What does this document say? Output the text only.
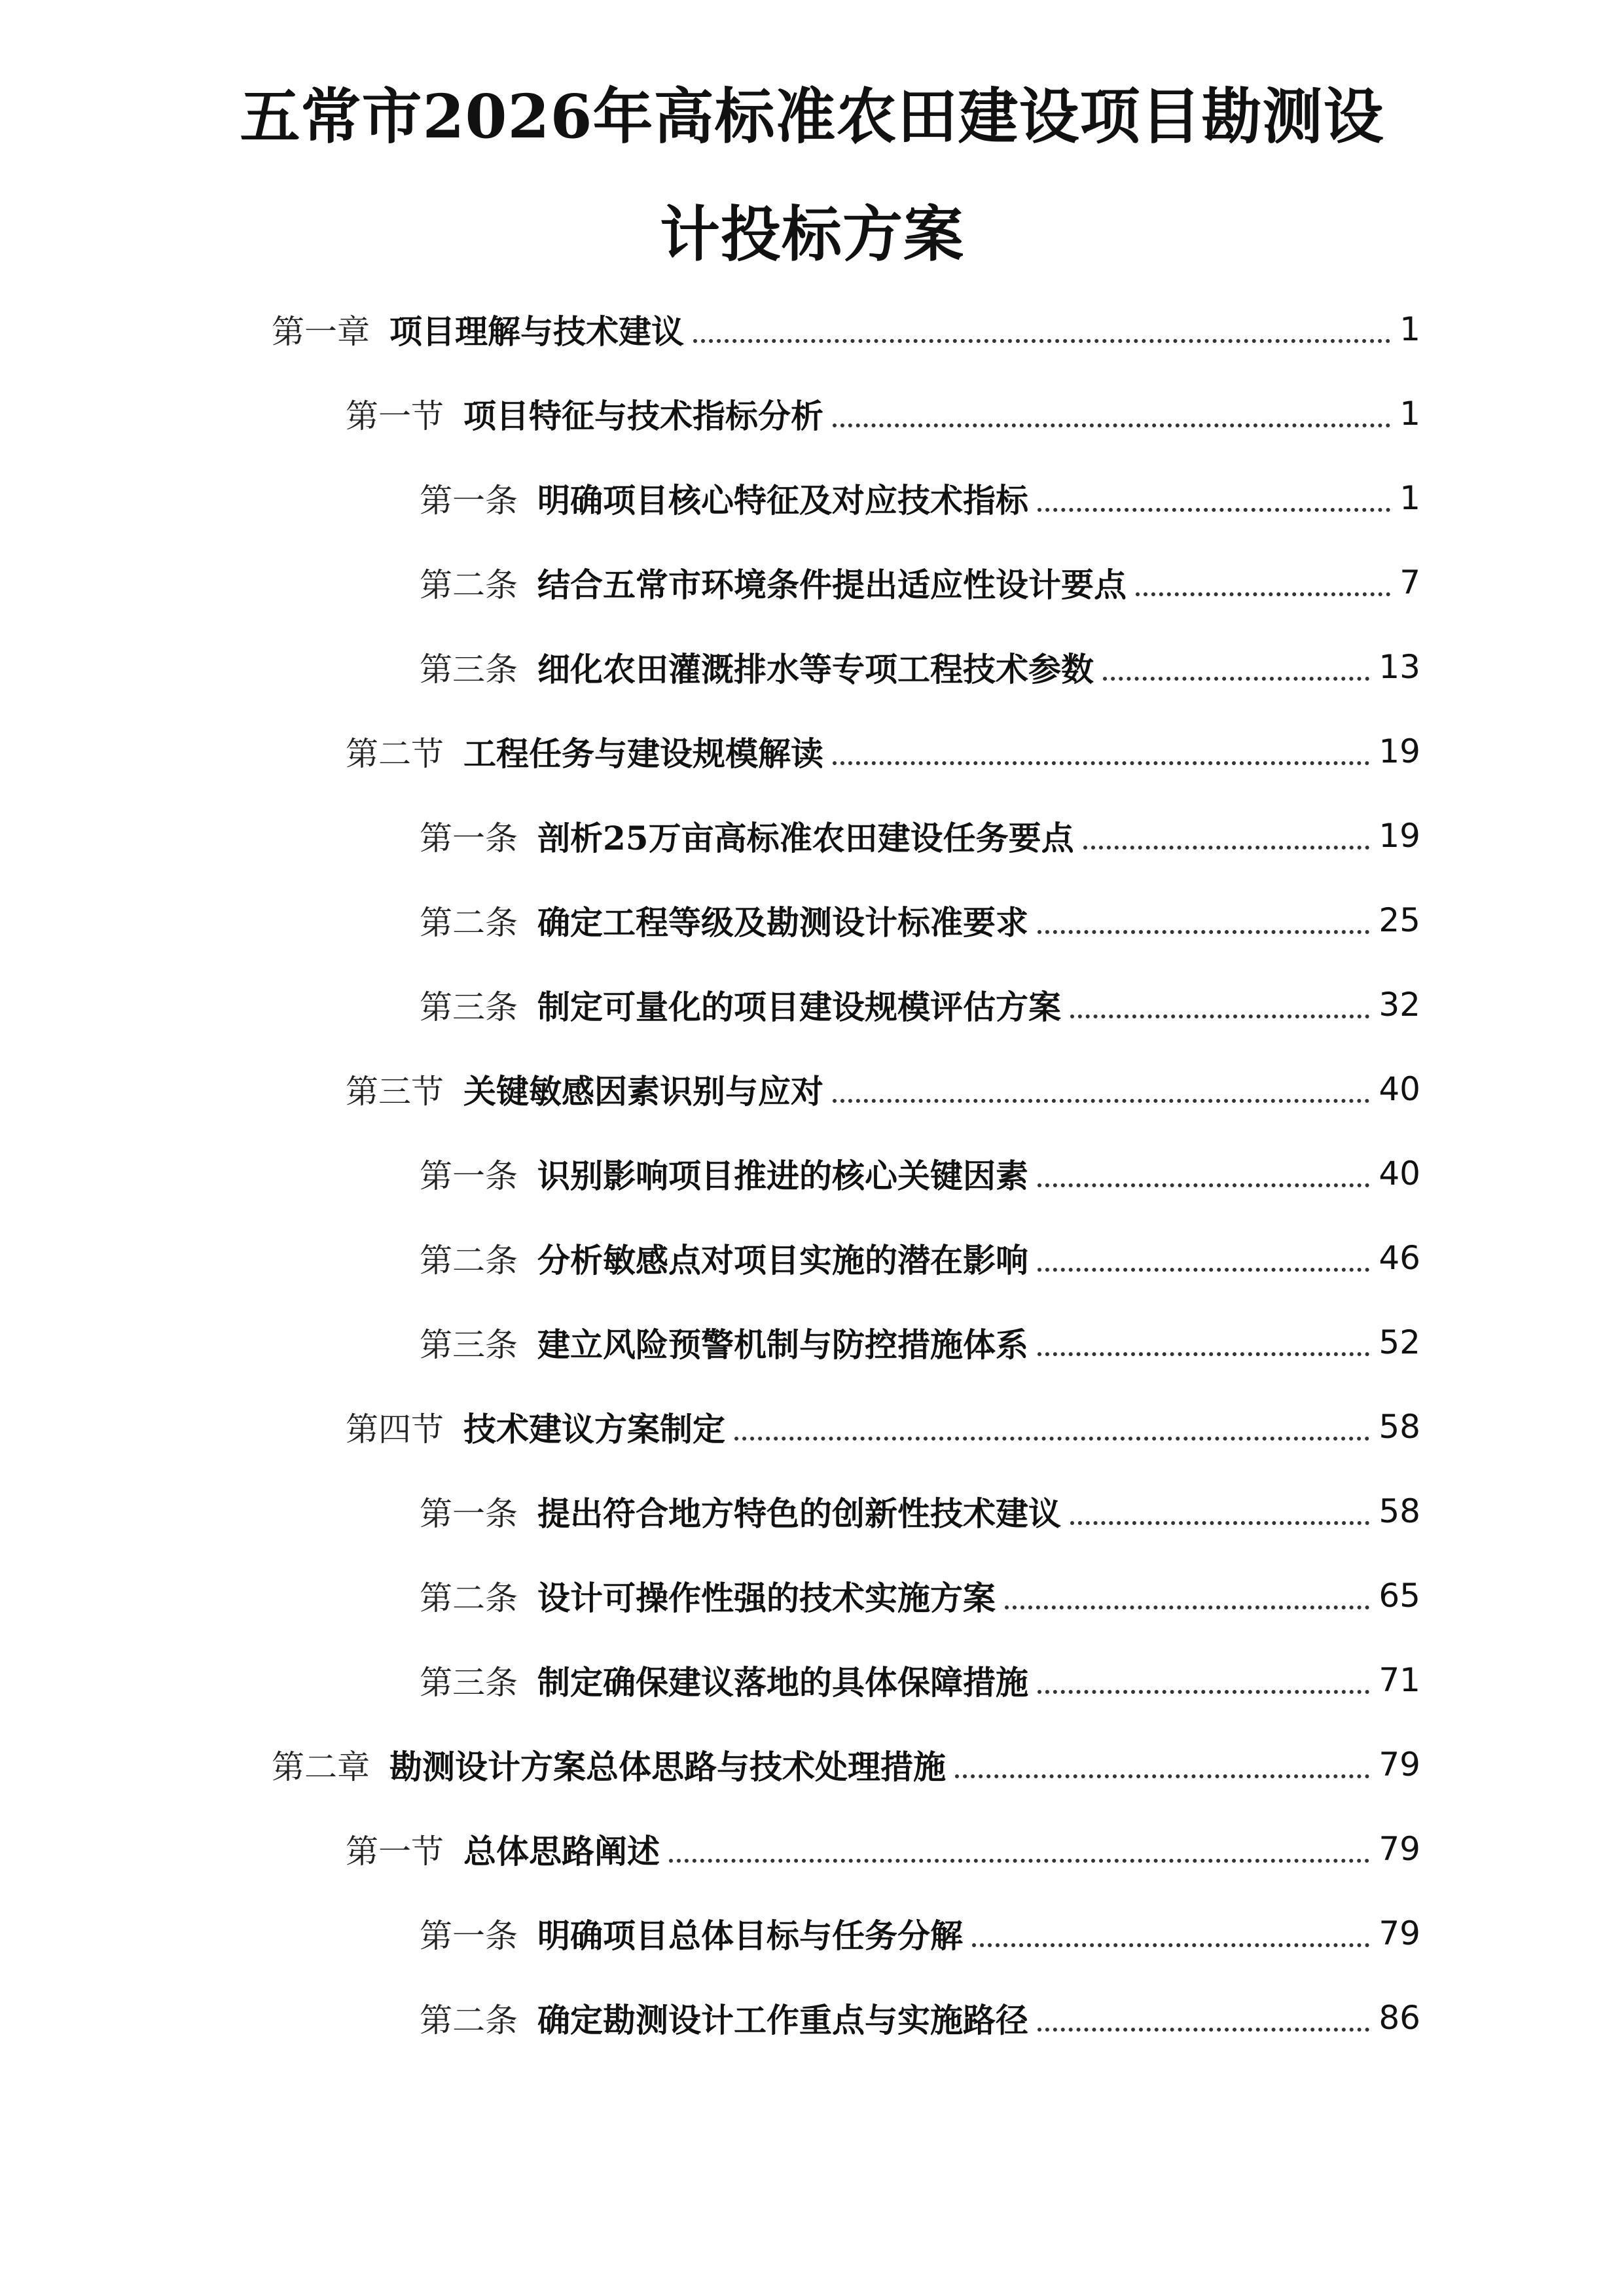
五常市2026年高标准农田建设项目勘测设
计投标方案
第一章 项目理解与技术建议	1
第一节 项目特征与技术指标分析	1
第一条 明确项目核心特征及对应技术指标	1
第二条 结合五常市环境条件提出适应性设计要点	7
第三条 细化农田灌溉排水等专项工程技术参数	13
第二节 工程任务与建设规模解读	19
第一条 剖析25万亩高标准农田建设任务要点	19
第二条 确定工程等级及勘测设计标准要求	25
第三条 制定可量化的项目建设规模评估方案	32
第三节 关键敏感因素识别与应对	40
第一条 识别影响项目推进的核心关键因素	40
第二条 分析敏感点对项目实施的潜在影响	46
第三条 建立风险预警机制与防控措施体系	52
第四节 技术建议方案制定	58
第一条 提出符合地方特色的创新性技术建议	58
第二条 设计可操作性强的技术实施方案	65
第三条 制定确保建议落地的具体保障措施	71
第二章 勘测设计方案总体思路与技术处理措施	79
第一节 总体思路阐述	79
第一条 明确项目总体目标与任务分解	79
第二条 确定勘测设计工作重点与实施路径	86
